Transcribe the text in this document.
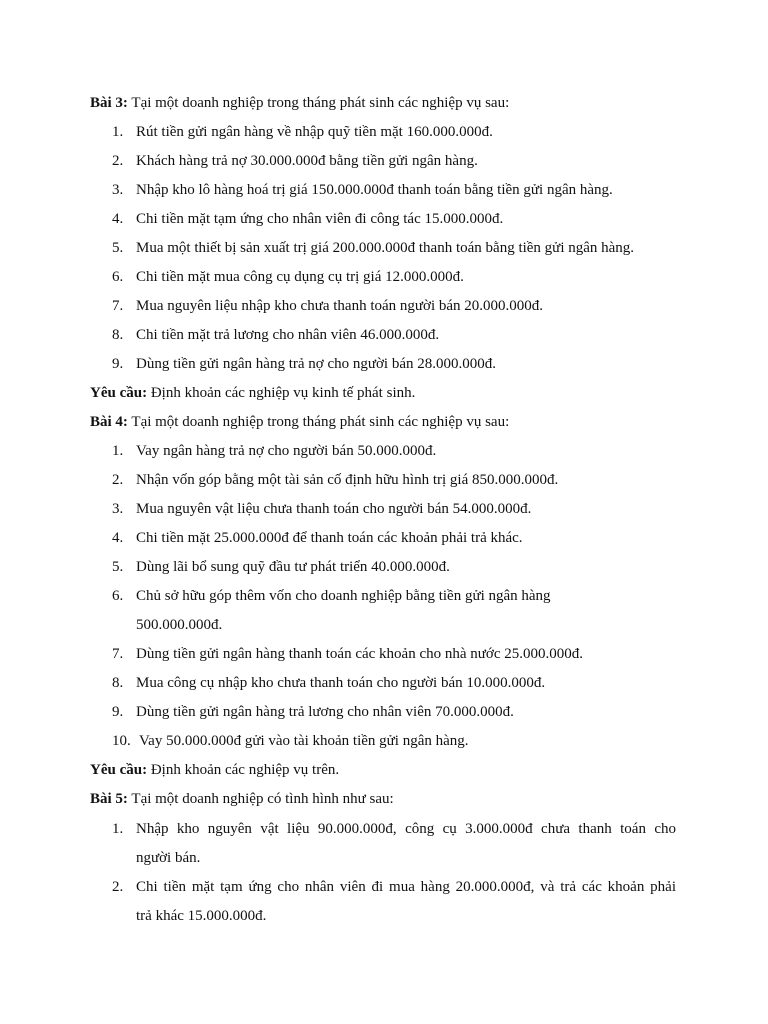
Bài 3: Tại một doanh nghiệp trong tháng phát sinh các nghiệp vụ sau:
1. Rút tiền gửi ngân hàng về nhập quỹ tiền mặt 160.000.000đ.
2. Khách hàng trả nợ 30.000.000đ bằng tiền gửi ngân hàng.
3. Nhập kho lô hàng hoá trị giá 150.000.000đ thanh toán bằng tiền gửi ngân hàng.
4. Chi tiền mặt tạm ứng cho nhân viên đi công tác 15.000.000đ.
5. Mua một thiết bị sản xuất trị giá 200.000.000đ thanh toán bằng tiền gửi ngân hàng.
6. Chi tiền mặt mua công cụ dụng cụ trị giá 12.000.000đ.
7. Mua nguyên liệu nhập kho chưa thanh toán người bán 20.000.000đ.
8. Chi tiền mặt trả lương cho nhân viên 46.000.000đ.
9. Dùng tiền gửi ngân hàng trả nợ cho người bán 28.000.000đ.
Yêu cầu: Định khoản các nghiệp vụ kinh tế phát sinh.
Bài 4: Tại một doanh nghiệp trong tháng phát sinh các nghiệp vụ sau:
1. Vay ngân hàng trả nợ cho người bán 50.000.000đ.
2. Nhận vốn góp bằng một tài sản cố định hữu hình trị giá 850.000.000đ.
3. Mua nguyên vật liệu chưa thanh toán cho người bán 54.000.000đ.
4. Chi tiền mặt 25.000.000đ để thanh toán các khoản phải trả khác.
5. Dùng lãi bổ sung quỹ đầu tư phát triển 40.000.000đ.
6. Chủ sở hữu góp thêm vốn cho doanh nghiệp bằng tiền gửi ngân hàng
500.000.000đ.
7. Dùng tiền gửi ngân hàng thanh toán các khoản cho nhà nước 25.000.000đ.
8. Mua công cụ nhập kho chưa thanh toán cho người bán 10.000.000đ.
9. Dùng tiền gửi ngân hàng trả lương cho nhân viên 70.000.000đ.
10. Vay 50.000.000đ gửi vào tài khoản tiền gửi ngân hàng.
Yêu cầu: Định khoản các nghiệp vụ trên.
Bài 5: Tại một doanh nghiệp có tình hình như sau:
1. Nhập kho nguyên vật liệu 90.000.000đ, công cụ 3.000.000đ chưa thanh toán cho
người bán.
2. Chi tiền mặt tạm ứng cho nhân viên đi mua hàng 20.000.000đ, và trả các khoản phải
trả khác 15.000.000đ.
